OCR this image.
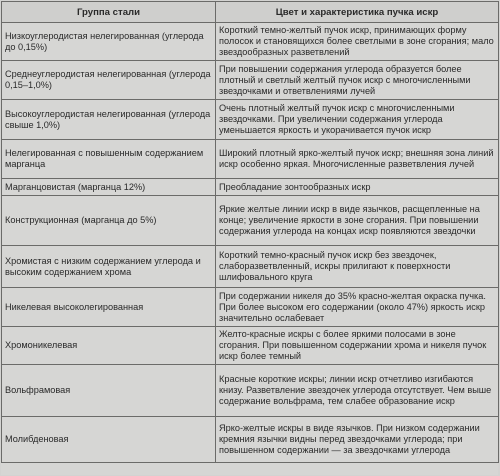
Группа стали	Цвет и характеристика пучка искр
Низкоуглеродистая нелегированная (углерода до 0,15%)	Короткий темно-желтый пучок искр, принимающих форму полосок и становящихся более светлыми в зоне сгорания; мало звездообразных разветвлений
Среднеуглеродистая нелегированная (углерода 0,15–1,0%)	При повышении содержания углерода образуется более плотный и светлый желтый пучок искр с многочисленными звездочками и ответвлениями лучей
Высокоуглеродистая нелегированная (углерода свыше 1,0%)	Очень плотный желтый пучок искр с многочисленными звездочками. При увеличении содержания углерода уменьшается яркость и укорачивается пучок искр
Нелегированная с повышенным содержанием марганца	Широкий плотный ярко-желтый пучок искр; внешняя зона линий искр особенно яркая. Многочисленные разветвления лучей
Марганцовистая (марганца 12%)	Преобладание зонтообразных искр
Конструкционная (марганца до 5%)	Яркие желтые линии искр в виде язычков, расщепленные на конце; увеличение яркости в зоне сгорания. При повышении содержания углерода на концах искр появляются звездочки
Хромистая с низким содержанием углерода и высоким содержанием хрома	Короткий темно-красный пучок искр без звездочек, слаборазветвленный, искры прилигают к поверхности шлифовального круга
Никелевая высоколегированная	При содержании никеля до 35% красно-желтая окраска пучка. При более высоком его содержании (около 47%) яркость искр значительно ослабевает
Хромоникелевая	Желто-красные искры с более яркими полосами в зоне сгорания. При повышенном содержании хрома и никеля пучок искр более темный
Вольфрамовая	Красные короткие искры; линии искр отчетливо изгибаются книзу. Разветвление звездочек углерода отсутствует. Чем выше содержание вольфрама, тем слабее образование искр
Молибденовая	Ярко-желтые искры в виде язычков. При низком содержании кремния язычки видны перед звездочками углерода; при повышенном содержании — за звездочками углерода
